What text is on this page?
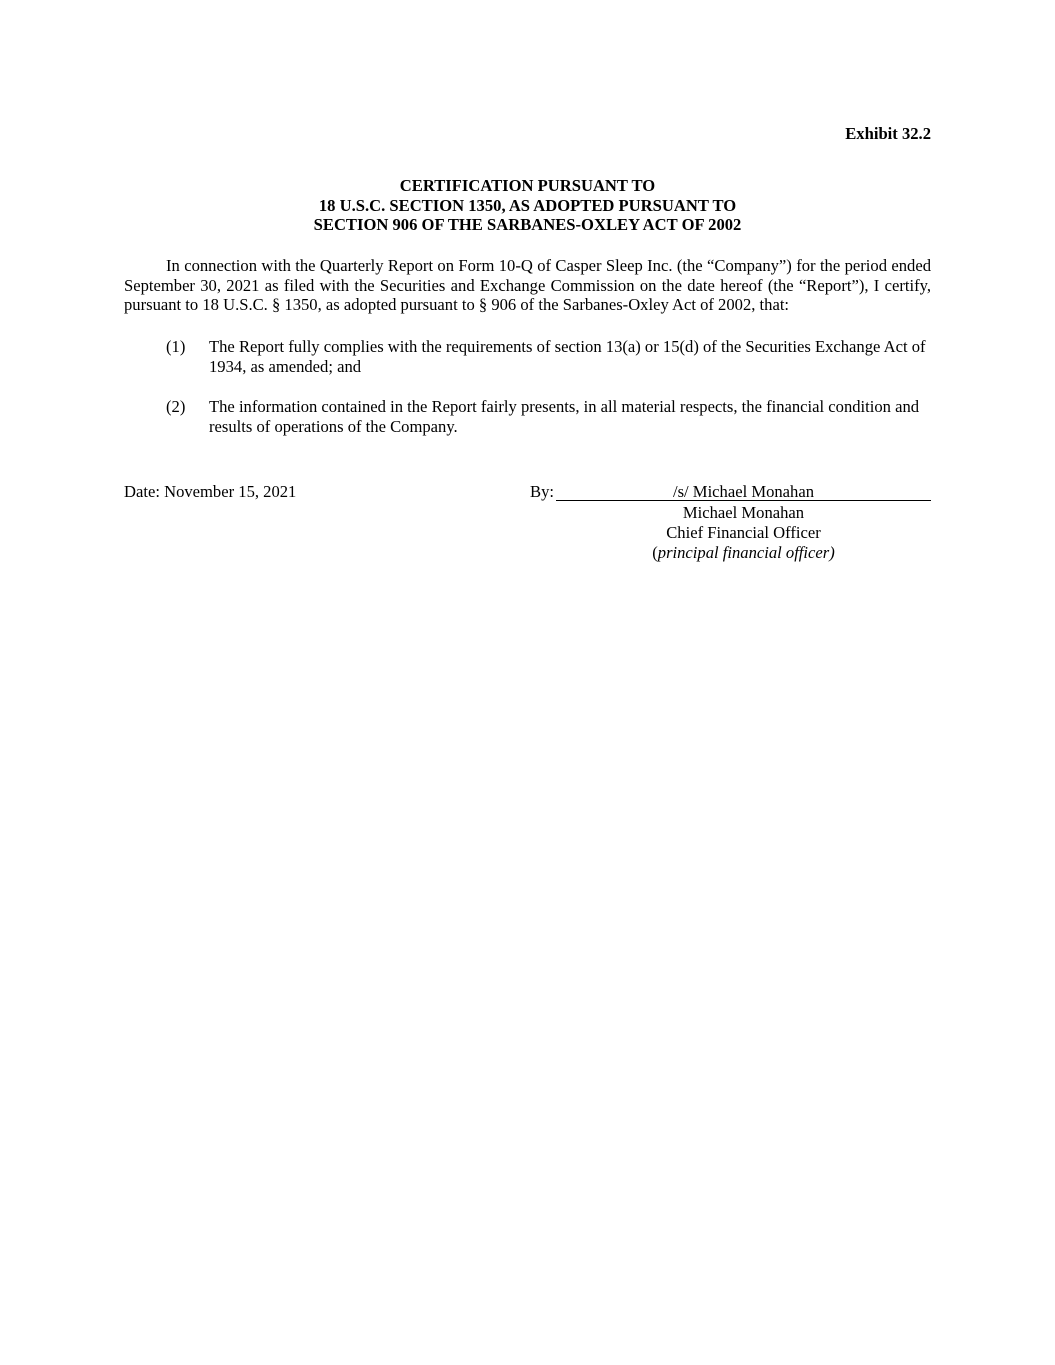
Exhibit 32.2
CERTIFICATION PURSUANT TO
18 U.S.C. SECTION 1350, AS ADOPTED PURSUANT TO
SECTION 906 OF THE SARBANES-OXLEY ACT OF 2002

In connection with the Quarterly Report on Form 10-Q of Casper Sleep Inc. (the “Company”) for the period ended September 30, 2021 as filed with the Securities and Exchange Commission on the date hereof (the “Report”), I certify, pursuant to 18 U.S.C. § 1350, as adopted pursuant to § 906 of the Sarbanes-Oxley Act of 2002, that:

(1)	The Report fully complies with the requirements of section 13(a) or 15(d) of the Securities Exchange Act of 1934, as amended; and
(2)	The information contained in the Report fairly presents, in all material respects, the financial condition and results of operations of the Company.
Date: November 15, 2021	By:	/s/ Michael Monahan
Michael Monahan
Chief Financial Officer
(principal financial officer)
